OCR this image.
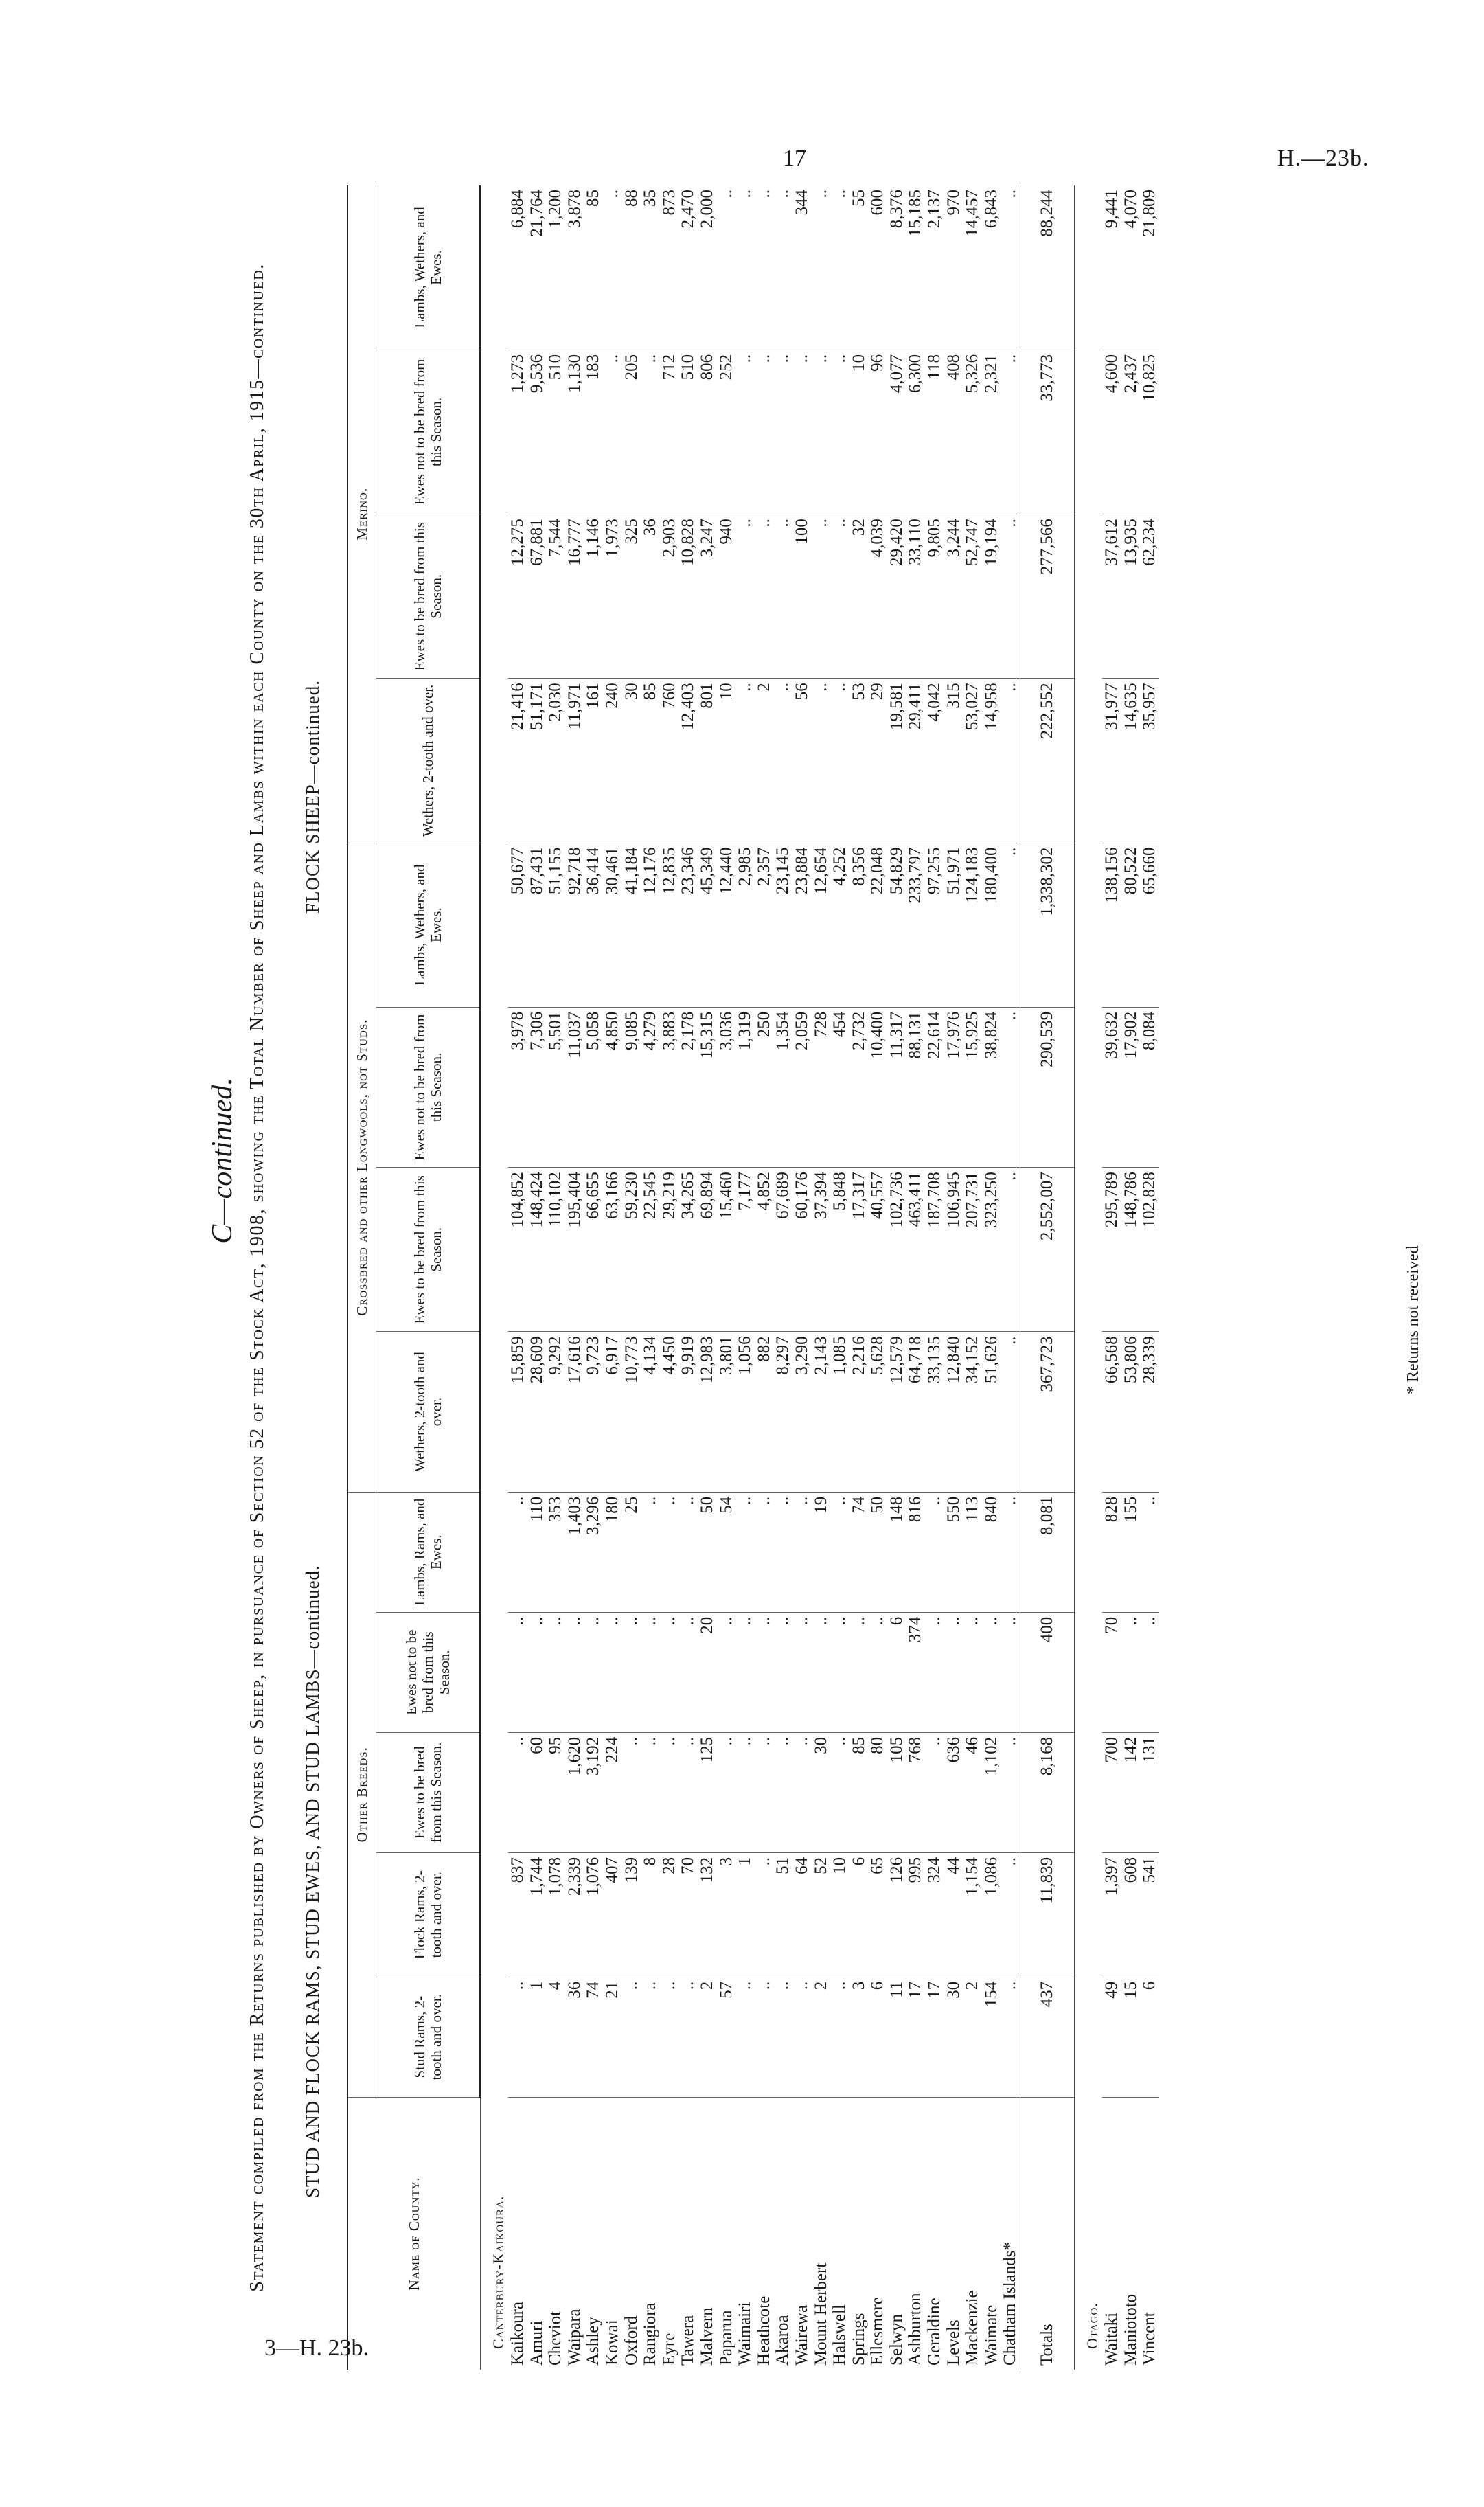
17	H.—23b.
3—H. 23b.
C—continued. Statement compiled from the Returns published by Owners of Sheep, in pursuance of Section 52 of the Stock Act, 1908, showing the Total Number of Sheep and Lambs within each County on the 30th April, 1915—continued. STUD AND FLOCK RAMS, STUD EWES, AND STUD LAMBS—continued.
FLOCK SHEEP—continued.
Name of County.	Other Breeds.					Crossbred and other Longwools, not Studs.				Merino.			
	Stud Rams, 2-tooth and over.	Flock Rams, 2-tooth and over.	Ewes to be bred from this Season.	Ewes not to be bred from this Season.	Lambs, Rams, and Ewes.	Wethers, 2-tooth and over.	Ewes to be bred from this Season.	Ewes not to be bred from this Season.	Lambs, Wethers, and Ewes.	Wethers, 2-tooth and over.	Ewes to be bred from this Season.	Ewes not to be bred from this Season.	Lambs, Wethers, and Ewes.
Canterbury-Kaikoura.													
Kaikoura	..	837	..	..	..	15,859	104,852	3,978	50,677	21,416	12,275	1,273	6,884
Amuri	1	1,744	60	..	110	28,609	148,424	7,306	87,431	51,171	67,881	9,536	21,764
Cheviot	4	1,078	95	..	353	9,292	110,102	5,501	51,155	2,030	7,544	510	1,200
Waipara	36	2,339	1,620	..	1,403	17,616	195,404	11,037	92,718	11,971	16,777	1,130	3,878
Ashley	74	1,076	3,192	..	3,296	9,723	66,655	5,058	36,414	161	1,146	183	85
Kowai	21	407	224	..	180	6,917	63,166	4,850	30,461	240	1,973	..	..
Oxford	..	139	..	..	25	10,773	59,230	9,085	41,184	30	325	205	88
Rangiora	..	8	..	..	..	4,134	22,545	4,279	12,176	85	36	..	35
Eyre	..	28	..	..	..	4,450	29,219	3,883	12,835	760	2,903	712	873
Tawera	..	70	..	..	..	9,919	34,265	2,178	23,346	12,403	10,828	510	2,470
Malvern	2	132	125	20	50	12,983	69,894	15,315	45,349	801	3,247	806	2,000
Paparua	57	3	..	..	54	3,801	15,460	3,036	12,440	10	940	252	..
Waimairi	..	1	..	..	..	1,056	7,177	1,319	2,985	..	..	..	..
Heathcote	..	..	..	..	..	882	4,852	250	2,357	2	..	..	..
Akaroa	..	51	..	..	..	8,297	67,689	1,354	23,145	..	..	..	..
Wairewa	..	64	..	..	..	3,290	60,176	2,059	23,884	56	100	..	344
Mount Herbert	2	52	30	..	19	2,143	37,394	728	12,654	..	..	..	..
Halswell	..	10	..	..	..	1,085	5,848	454	4,252	..	..	..	..
Springs	3	6	85	..	74	2,216	17,317	2,732	8,356	53	32	10	55
Ellesmere	6	65	80	..	50	5,628	40,557	10,400	22,048	29	4,039	96	600
Selwyn	11	126	105	6	148	12,579	102,736	11,317	54,829	19,581	29,420	4,077	8,376
Ashburton	17	995	768	374	816	64,718	463,411	88,131	233,797	29,411	33,110	6,300	15,185
Geraldine	17	324	..	..	..	33,135	187,708	22,614	97,255	4,042	9,805	118	2,137
Levels	30	44	636	..	550	12,840	106,945	17,976	51,971	315	3,244	408	970
Mackenzie	2	1,154	46	..	113	34,152	207,731	15,925	124,183	53,027	52,747	5,326	14,457
Waimate	154	1,086	1,102	..	840	51,626	323,250	38,824	180,400	14,958	19,194	2,321	6,843
Chatham Islands*	..	..	..	..	..	..	..	..	..	..	..	..	..
Totals	437	11,839	8,168	400	8,081	367,723	2,552,007	290,539	1,338,302	222,552	277,566	33,773	88,244
Otago.													
Waitaki	49	1,397	700	70	828	66,568	295,789	39,632	138,156	31,977	37,612	4,600	9,441
Maniototo	15	608	142	..	155	53,806	148,786	17,902	80,522	14,635	13,935	2,437	4,070
Vincent	6	541	131	..	..	28,339	102,828	8,084	65,660	35,957	62,234	10,825	21,809
* Returns not received
